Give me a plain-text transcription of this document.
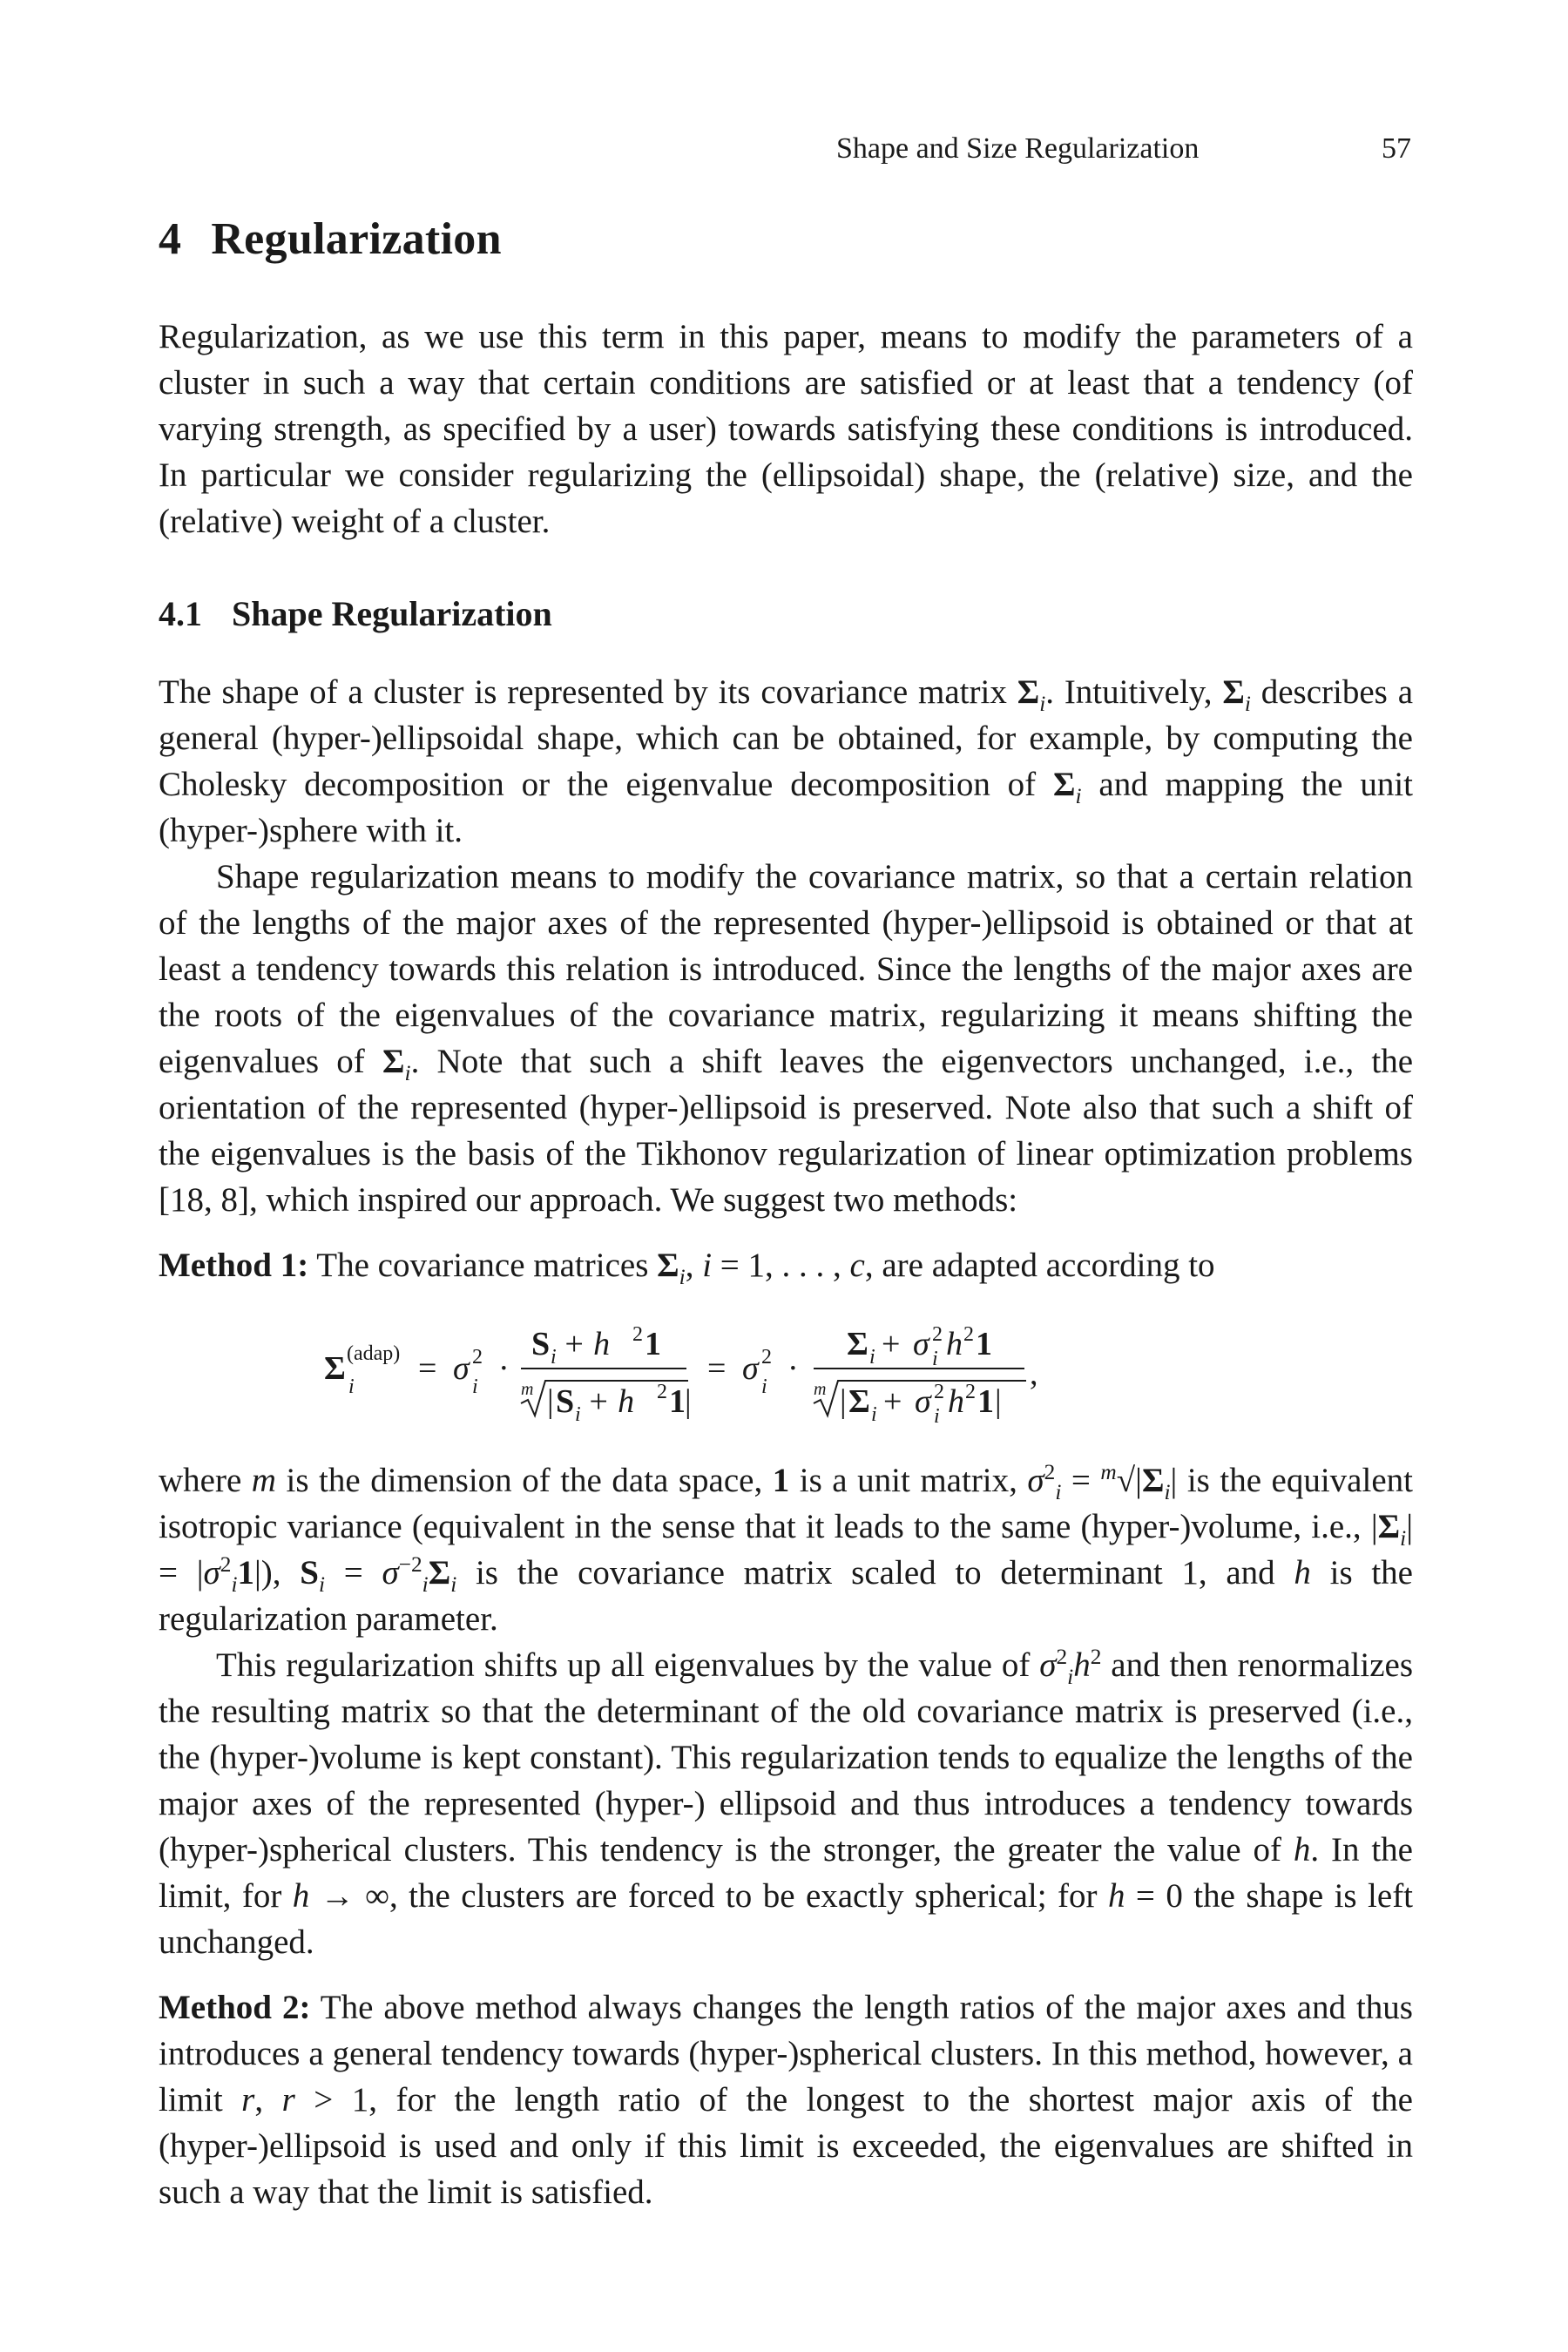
Shape and Size Regularization	57
4 Regularization

Regularization, as we use this term in this paper, means to modify the parameters of a cluster in such a way that certain conditions are satisfied or at least that a tendency (of varying strength, as specified by a user) towards satisfying these conditions is introduced. In particular we consider regularizing the (ellipsoidal) shape, the (relative) size, and the (relative) weight of a cluster.

4.1 Shape Regularization

The shape of a cluster is represented by its covariance matrix $\Sigma_i$. Intuitively, $\Sigma_i$ describes a general (hyper-)ellipsoidal shape, which can be obtained, for example, by computing the Cholesky decomposition or the eigenvalue decomposition of $\Sigma_i$ and mapping the unit (hyper-)sphere with it.

Shape regularization means to modify the covariance matrix, so that a certain relation of the lengths of the major axes of the represented (hyper-)ellipsoid is obtained or that at least a tendency towards this relation is introduced. Since the lengths of the major axes are the roots of the eigenvalues of the covariance matrix, regularizing it means shifting the eigenvalues of $\Sigma_i$. Note that such a shift leaves the eigenvectors unchanged, i.e., the orientation of the represented (hyper-)ellipsoid is preserved. Note also that such a shift of the eigenvalues is the basis of the Tikhonov regularization of linear optimization problems [18, 8], which inspired our approach. We suggest two methods:

Method 1: The covariance matrices $\Sigma_i$, i = 1, . . . , c, are adapted according to

Σ (adap)
i = σ 2
i ·
S i + h 2 1
m | S i + h 2 1 |
= σ 2
i ·
Σ i + σ 2
i h 2 1
m | Σ i + σ 2
i h 2 1 |
,

where m is the dimension of the data space, 1 is a unit matrix, $\sigma^2_i = ^m√|\Sigma_i|$ is the equivalent isotropic variance (equivalent in the sense that it leads to the same (hyper-)volume, i.e., $|\Sigma_i| = |\sigma^2_i1|$), $S_i = \sigma^{-2}_i\Sigma_i$ is the covariance matrix scaled to determinant 1, and h is the regularization parameter.

This regularization shifts up all eigenvalues by the value of $\sigma^2_ih^2$ and then renormalizes the resulting matrix so that the determinant of the old covariance matrix is preserved (i.e., the (hyper-)volume is kept constant). This regularization tends to equalize the lengths of the major axes of the represented (hyper-) ellipsoid and thus introduces a tendency towards (hyper-)spherical clusters. This tendency is the stronger, the greater the value of h. In the limit, for h → ∞, the clusters are forced to be exactly spherical; for h = 0 the shape is left unchanged.

Method 2: The above method always changes the length ratios of the major axes and thus introduces a general tendency towards (hyper-)spherical clusters. In this method, however, a limit r, r > 1, for the length ratio of the longest to the shortest major axis of the (hyper-)ellipsoid is used and only if this limit is exceeded, the eigenvalues are shifted in such a way that the limit is satisfied.
